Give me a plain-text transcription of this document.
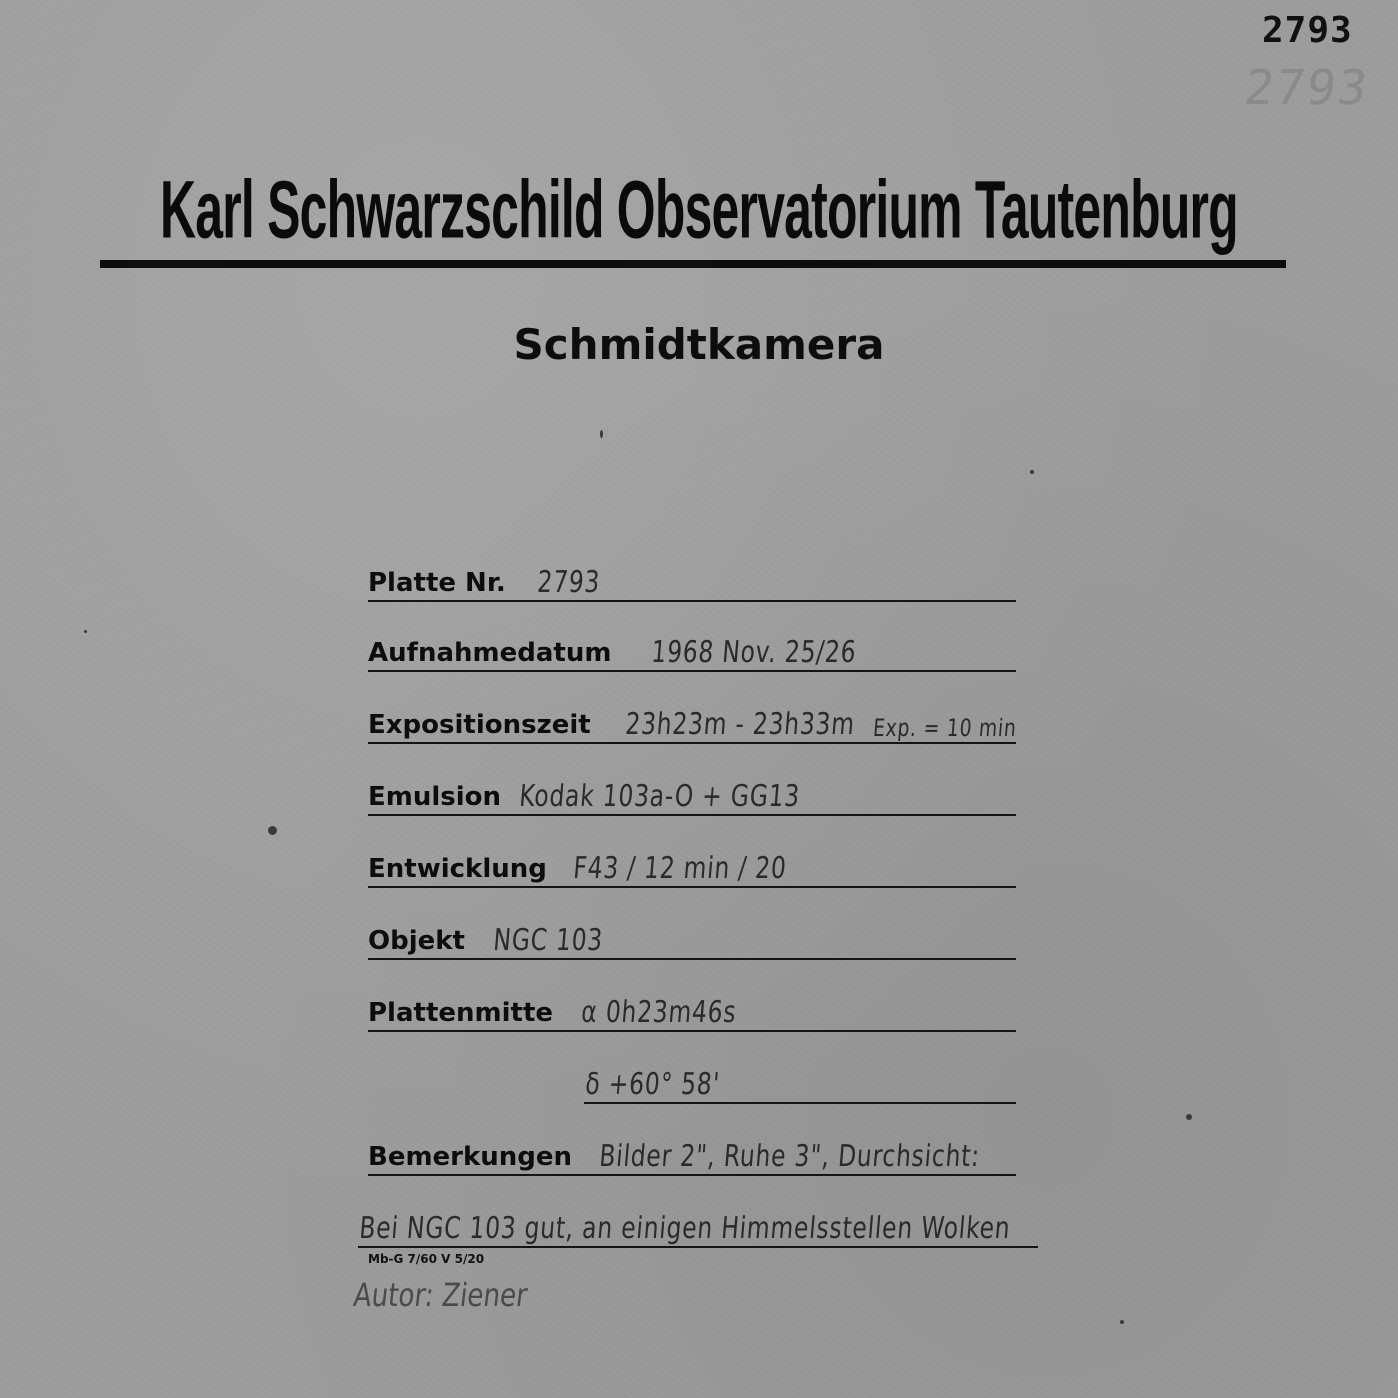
2793
2793
Karl Schwarzschild Observatorium Tautenburg
Schmidtkamera
Platte Nr. 2793
Aufnahmedatum 1968 Nov. 25/26
Expositionszeit 23h23m - 23h33m Exp. = 10 min
Emulsion Kodak 103a-O + GG13
Entwicklung F43 / 12 min / 20
Objekt NGC 103
Plattenmitte α 0h23m46s
δ +60° 58'
Bemerkungen Bilder 2", Ruhe 3", Durchsicht:
Bei NGC 103 gut, an einigen Himmelsstellen Wolken
Mb-G 7/60 V 5/20
Autor: Ziener
